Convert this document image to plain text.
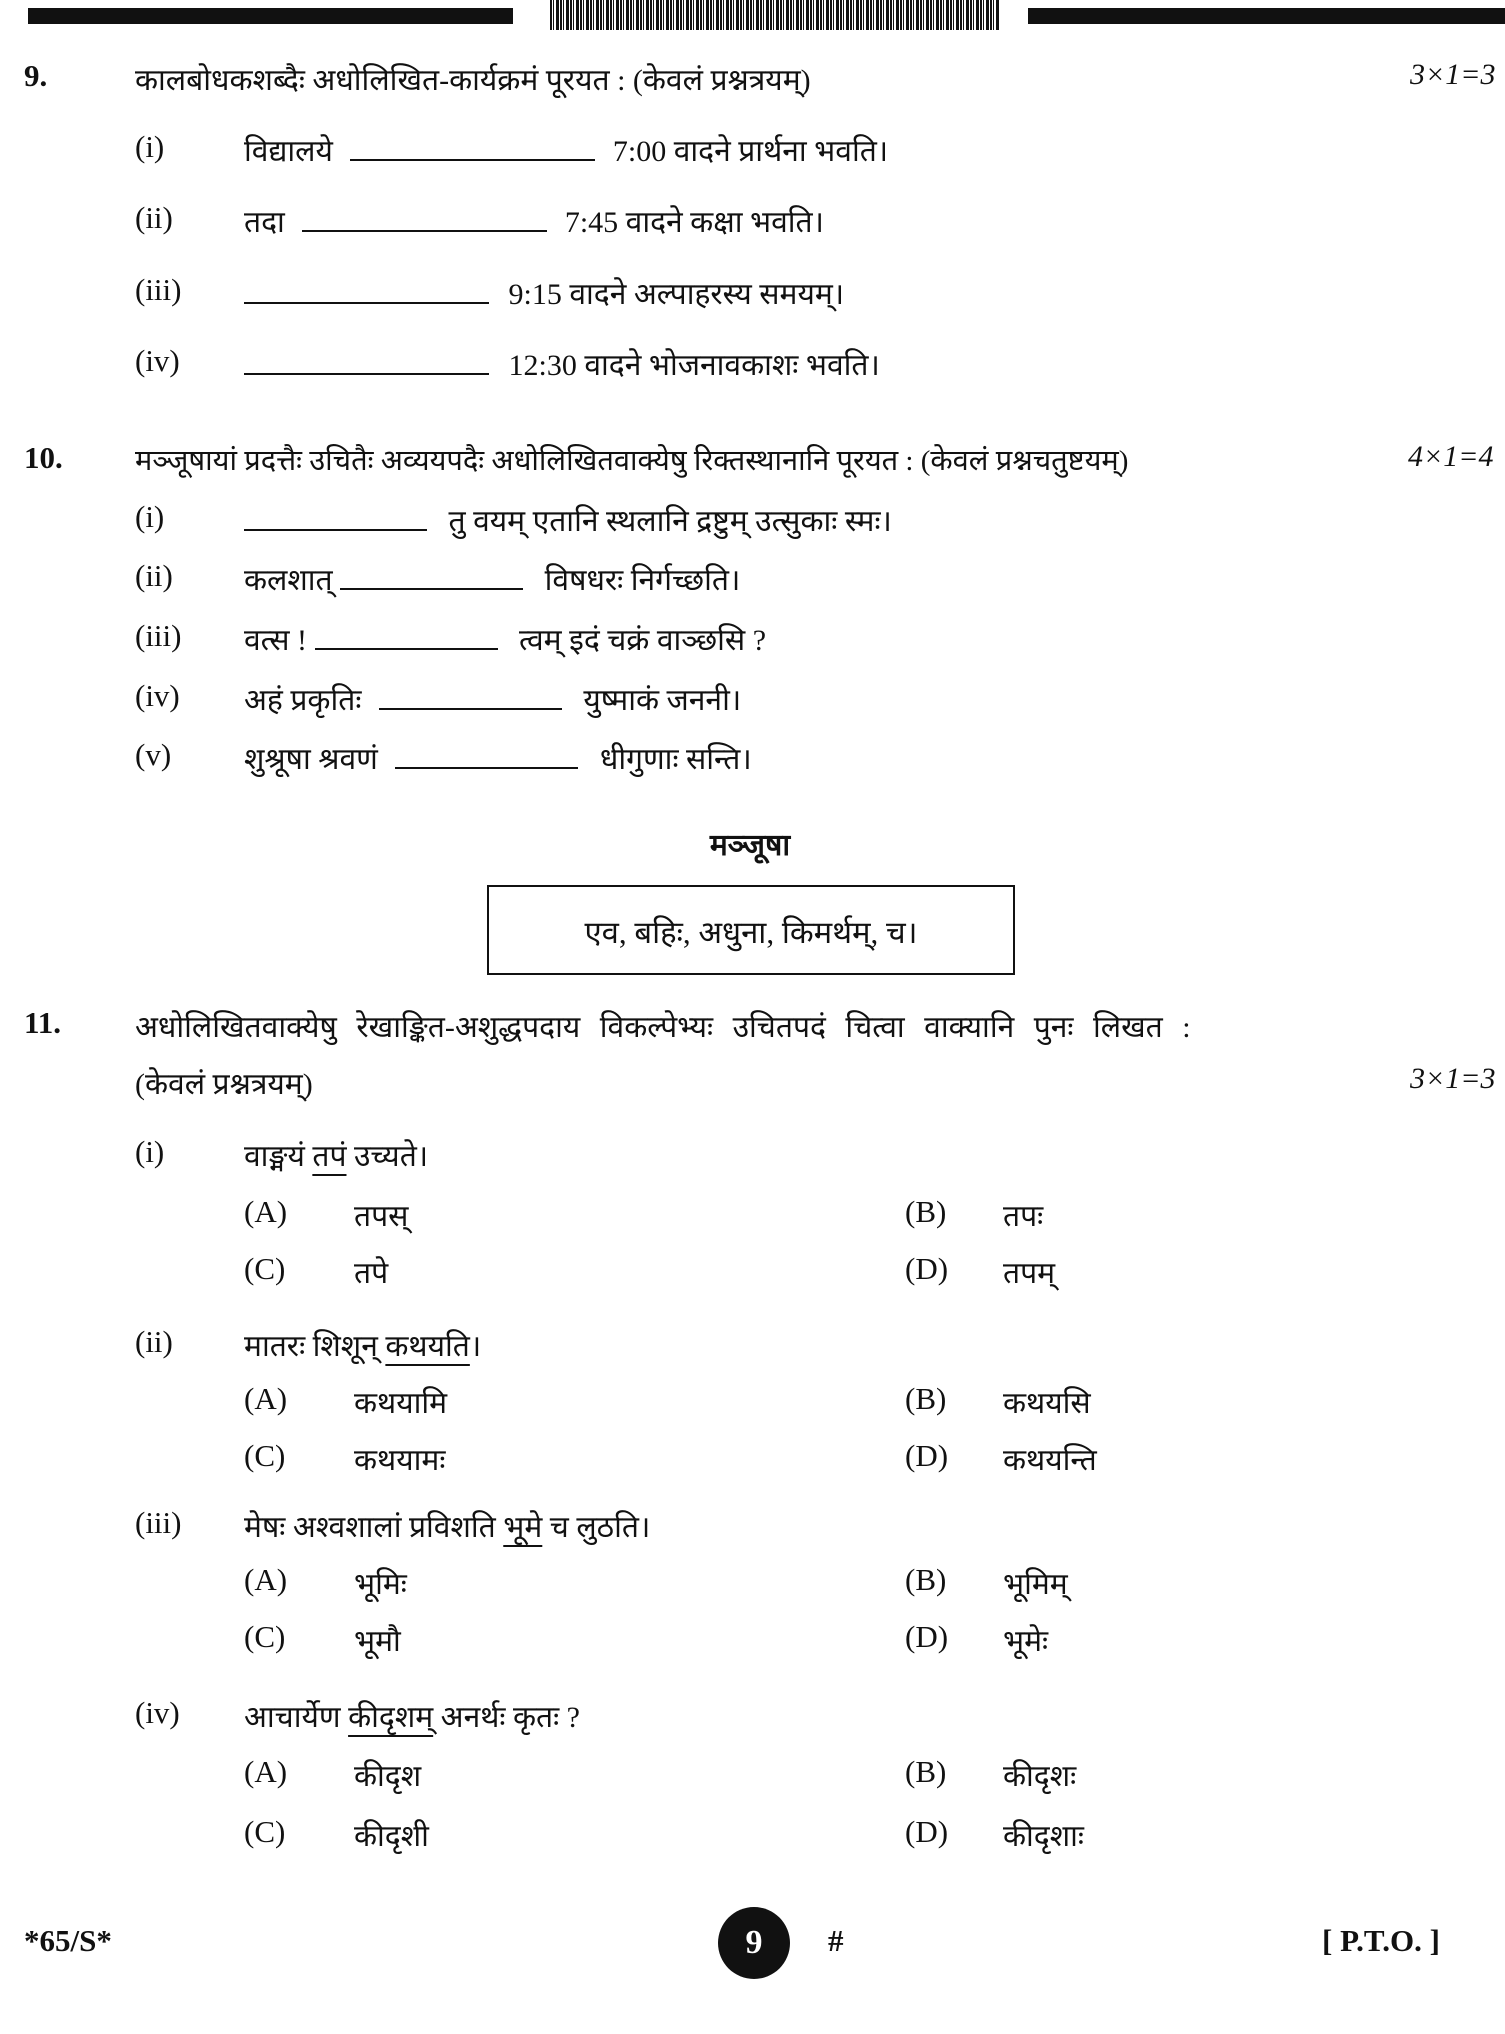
9.	कालबोधकशब्दैः अधोलिखित-कार्यक्रमं पूरयत : (केवलं प्रश्नत्रयम्)	3×1=3
(i)	विद्यालये	7:00 वादने प्रार्थना भवति।
(ii) तदा	7:45 वादने कक्षा भवति।
(iii)	9:15 वादने अल्पाहरस्य समयम्।
(iv)	12:30 वादने भोजनावकाशः भवति।
10. मञ्जूषायां प्रदत्तैः उचितैः अव्ययपदैः अधोलिखितवाक्येषु रिक्तस्थानानि पूरयत : (केवलं प्रश्नचतुष्टयम्)	4×1=4
(i)	तु वयम् एतानि स्थलानि द्रष्टुम् उत्सुकाः स्मः।
(ii) कलशात्	विषधरः निर्गच्छति।
(iii) वत्स !	त्वम् इदं चक्रं वाञ्छसि ?
(iv) अहं प्रकृतिः	युष्माकं जननी।
(v) शुश्रूषा श्रवणं	धीगुणाः सन्ति।
मञ्जूषा
एव, बहिः, अधुना, किमर्थम्, च।
11. अधोलिखितवाक्येषु रेखाङ्कित-अशुद्धपदाय विकल्पेभ्यः उचितपदं चित्वा वाक्यानि पुनः लिखत :
(केवलं प्रश्नत्रयम्)	3×1=3
(i)	वाङ्मयं तपं उच्यते।
(A) तपस्	(B) तपः
(C) तपे	(D) तपम्
(ii) मातरः शिशून् कथयति।
(A) कथयामि	(B) कथयसि
(C) कथयामः	(D) कथयन्ति
(iii) मेषः अश्वशालां प्रविशति भूमे च लुठति।
(A) भूमिः	(B) भूमिम्
(C) भूमौ	(D) भूमेः
(iv) आचार्येण कीदृशम् अनर्थः कृतः ?
(A) कीदृश	(B) कीदृशः
(C) कीदृशी	(D) कीदृशाः
*65/S*	9	#	[ P.T.O. ]
